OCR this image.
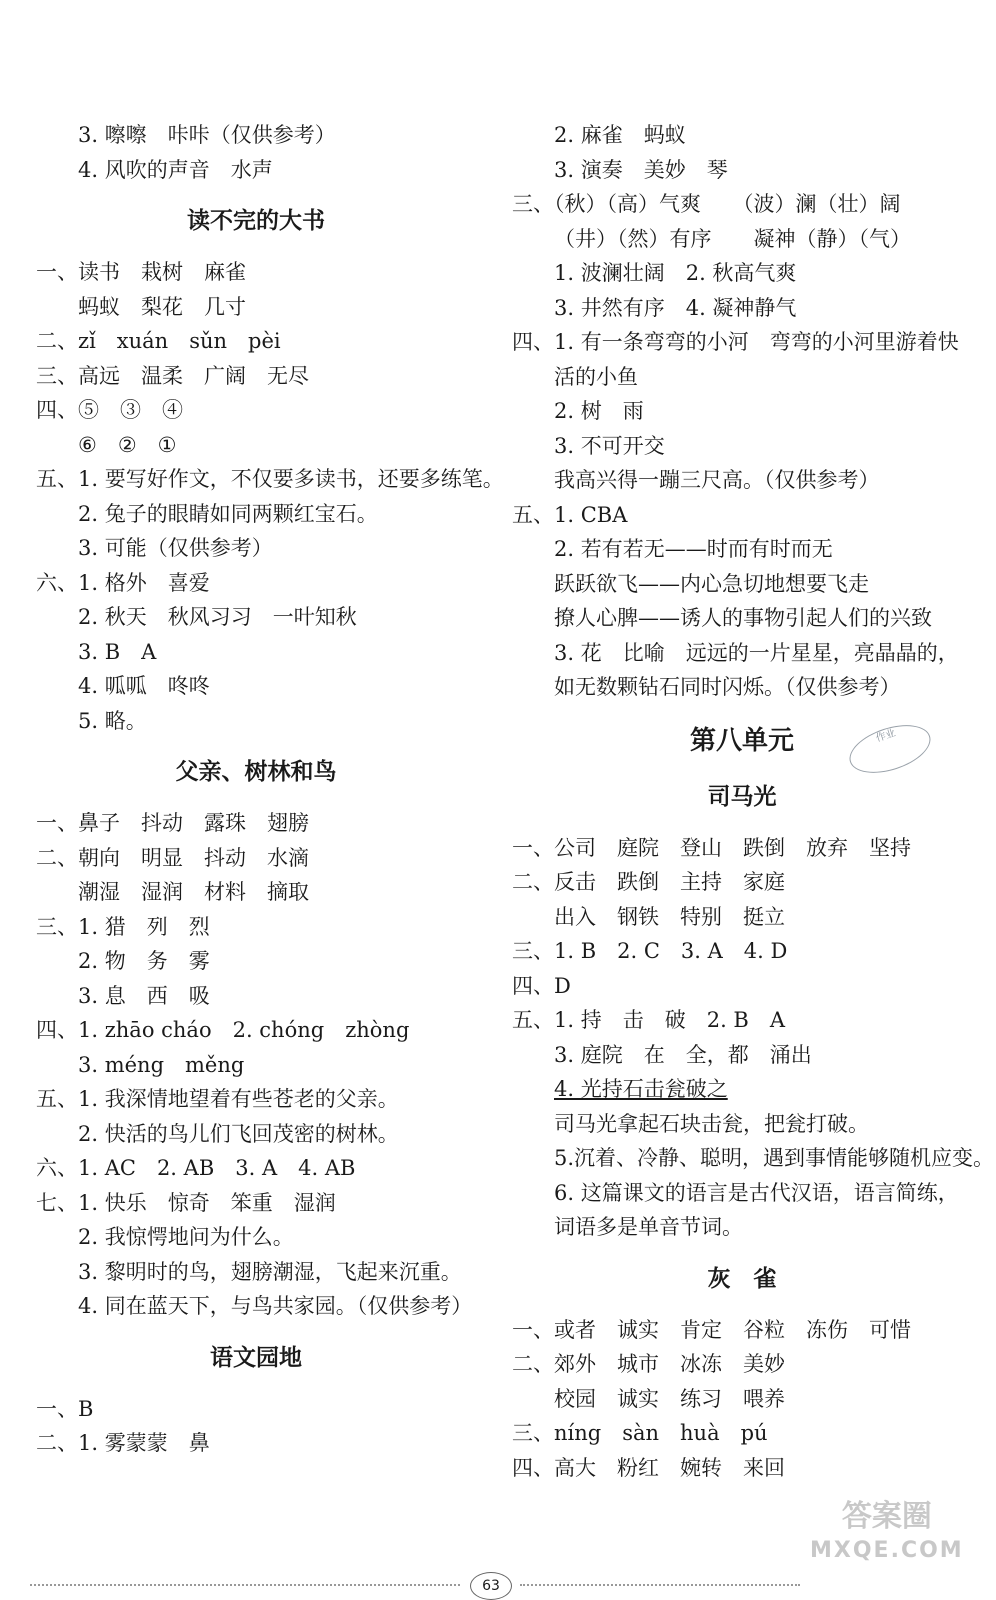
3. 嚓嚓　咔咔（仅供参考）
4. 风吹的声音　水声
读不完的大书
一、读书　栽树　麻雀
蚂蚁　梨花　几寸
二、zǐ　xuán　sǔn　pèi
三、高远　温柔　广阔　无尽
四、⑤　③　④
⑥　②　①
五、1. 要写好作文，不仅要多读书，还要多练笔。
2. 兔子的眼睛如同两颗红宝石。
3. 可能（仅供参考）
六、1. 格外　喜爱
2. 秋天　秋风习习　一叶知秋
3. B　A
4. 呱呱　咚咚
5. 略。
父亲、树林和鸟
一、鼻子　抖动　露珠　翅膀
二、朝向　明显　抖动　水滴
潮湿　湿润　材料　摘取
三、1. 猎　列　烈
2. 物　务　雾
3. 息　西　吸
四、1. zhāo cháo　2. chóng　zhòng
3. méng　měng
五、1. 我深情地望着有些苍老的父亲。
2. 快活的鸟儿们飞回茂密的树林。
六、1. AC　2. AB　3. A　4. AB
七、1. 快乐　惊奇　笨重　湿润
2. 我惊愕地问为什么。
3. 黎明时的鸟，翅膀潮湿，飞起来沉重。
4. 同在蓝天下，与鸟共家园。（仅供参考）
语文园地
一、B
二、1. 雾蒙蒙　鼻
2. 麻雀　蚂蚁
3. 演奏　美妙　琴
三、（秋）（高）气爽　　（波）澜（壮）阔
（井）（然）有序　　凝神（静）（气）
1. 波澜壮阔　2. 秋高气爽
3. 井然有序　4. 凝神静气
四、1. 有一条弯弯的小河　弯弯的小河里游着快
活的小鱼
2. 树　雨
3. 不可开交
我高兴得一蹦三尺高。（仅供参考）
五、1. CBA
2. 若有若无——时而有时而无
跃跃欲飞——内心急切地想要飞走
撩人心脾——诱人的事物引起人们的兴致
3. 花　比喻　远远的一片星星，亮晶晶的，
如无数颗钻石同时闪烁。（仅供参考）
第八单元
司马光
一、公司　庭院　登山　跌倒　放弃　坚持
二、反击　跌倒　主持　家庭
出入　钢铁　特别　挺立
三、1. B　2. C　3. A　4. D
四、D
五、1. 持　击　破　2. B　A
3. 庭院　在　全，都　涌出
4. 光持石击瓮破之
司马光拿起石块击瓮，把瓮打破。
5.沉着、冷静、聪明，遇到事情能够随机应变。
6. 这篇课文的语言是古代汉语，语言简练，
词语多是单音节词。
灰　雀
一、或者　诚实　肯定　谷粒　冻伤　可惜
二、郊外　城市　冰冻　美妙
校园　诚实　练习　喂养
三、níng　sàn　huà　pú
四、高大　粉红　婉转　来回
作业
63
答案圈
MXQE.COM
